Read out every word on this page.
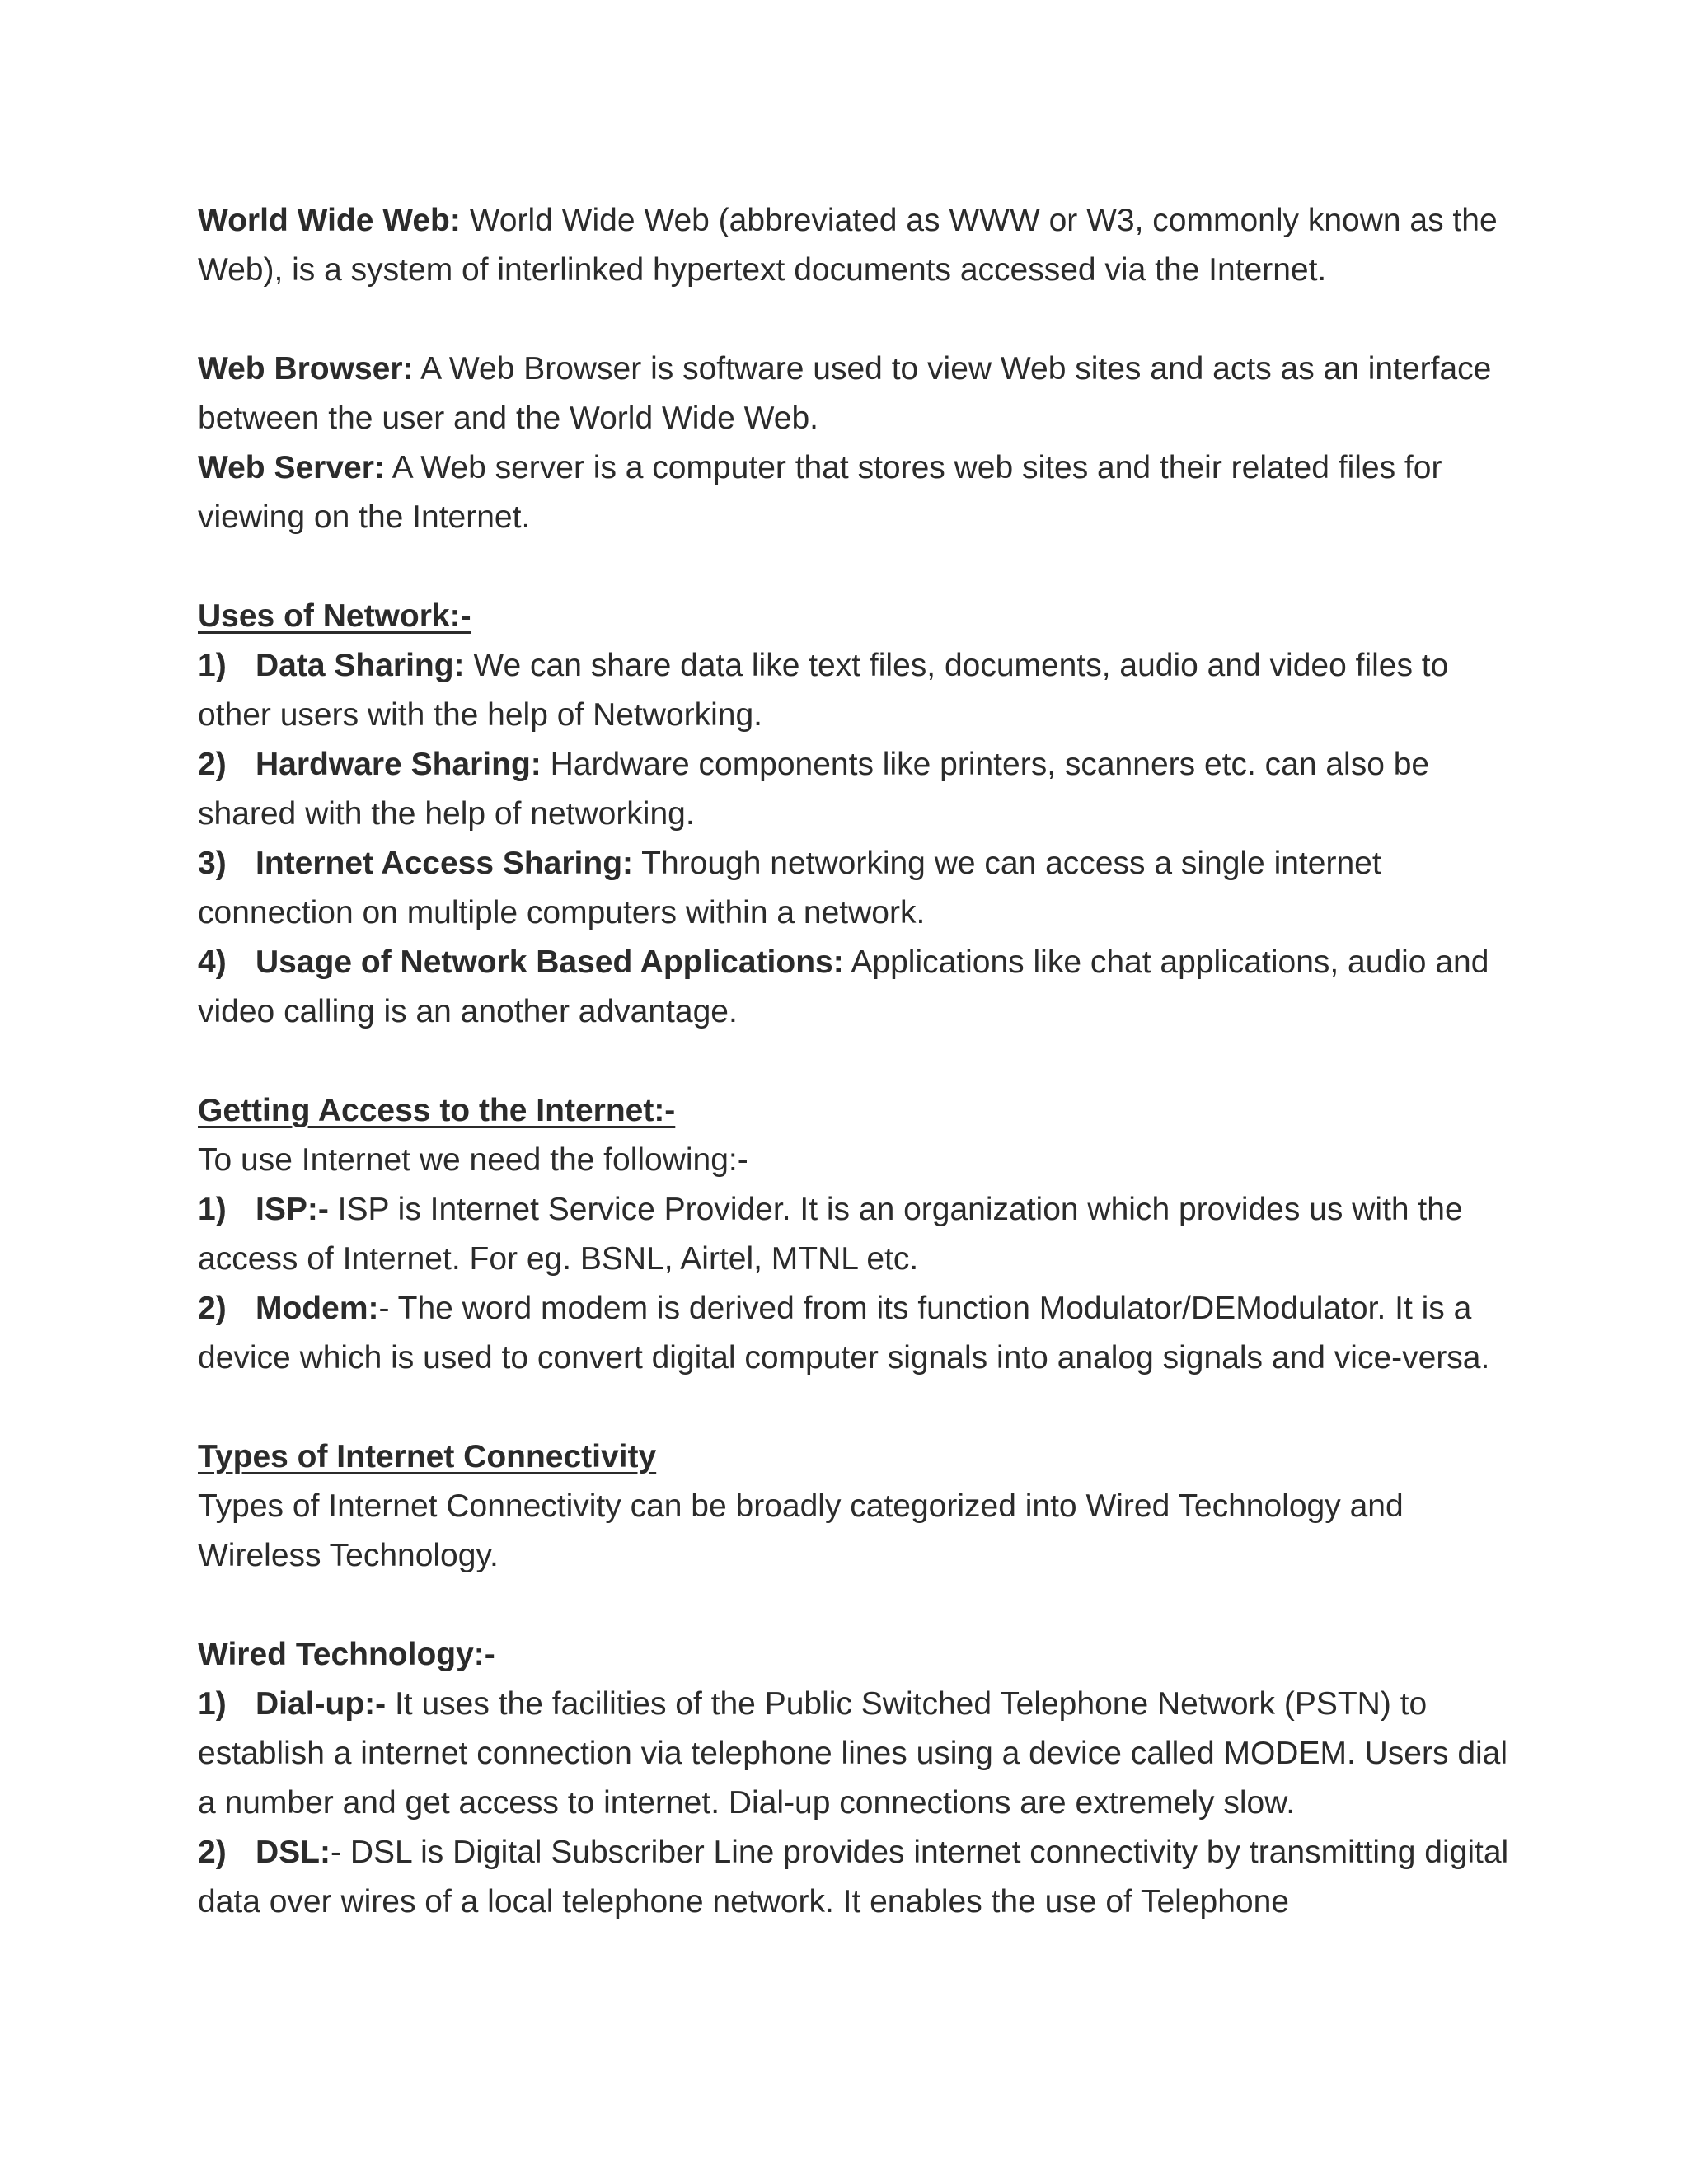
World Wide Web: World Wide Web (abbreviated as WWW or W3, commonly known as the Web), is a system of interlinked hypertext documents accessed via the Internet.

Web Browser: A Web Browser is software used to view Web sites and acts as an interface between the user and the World Wide Web.

Web Server: A Web server is a computer that stores web sites and their related files for viewing on the Internet.

Uses of Network:-

1) Data Sharing: We can share data like text files, documents, audio and video files to other users with the help of Networking.

2) Hardware Sharing: Hardware components like printers, scanners etc. can also be shared with the help of networking.

3) Internet Access Sharing: Through networking we can access a single internet connection on multiple computers within a network.

4) Usage of Network Based Applications: Applications like chat applications, audio and video calling is an another advantage.

Getting Access to the Internet:-

To use Internet we need the following:-

1) ISP:- ISP is Internet Service Provider. It is an organization which provides us with the access of Internet. For eg. BSNL, Airtel, MTNL etc.

2) Modem:- The word modem is derived from its function Modulator/DEModulator. It is a device which is used to convert digital computer signals into analog signals and vice-versa.

Types of Internet Connectivity

Types of Internet Connectivity can be broadly categorized into Wired Technology and Wireless Technology.

Wired Technology:-

1) Dial-up:- It uses the facilities of the Public Switched Telephone Network (PSTN) to establish a internet connection via telephone lines using a device called MODEM. Users dial a number and get access to internet. Dial-up connections are extremely slow.

2) DSL:- DSL is Digital Subscriber Line provides internet connectivity by transmitting digital data over wires of a local telephone network. It enables the use of Telephone
